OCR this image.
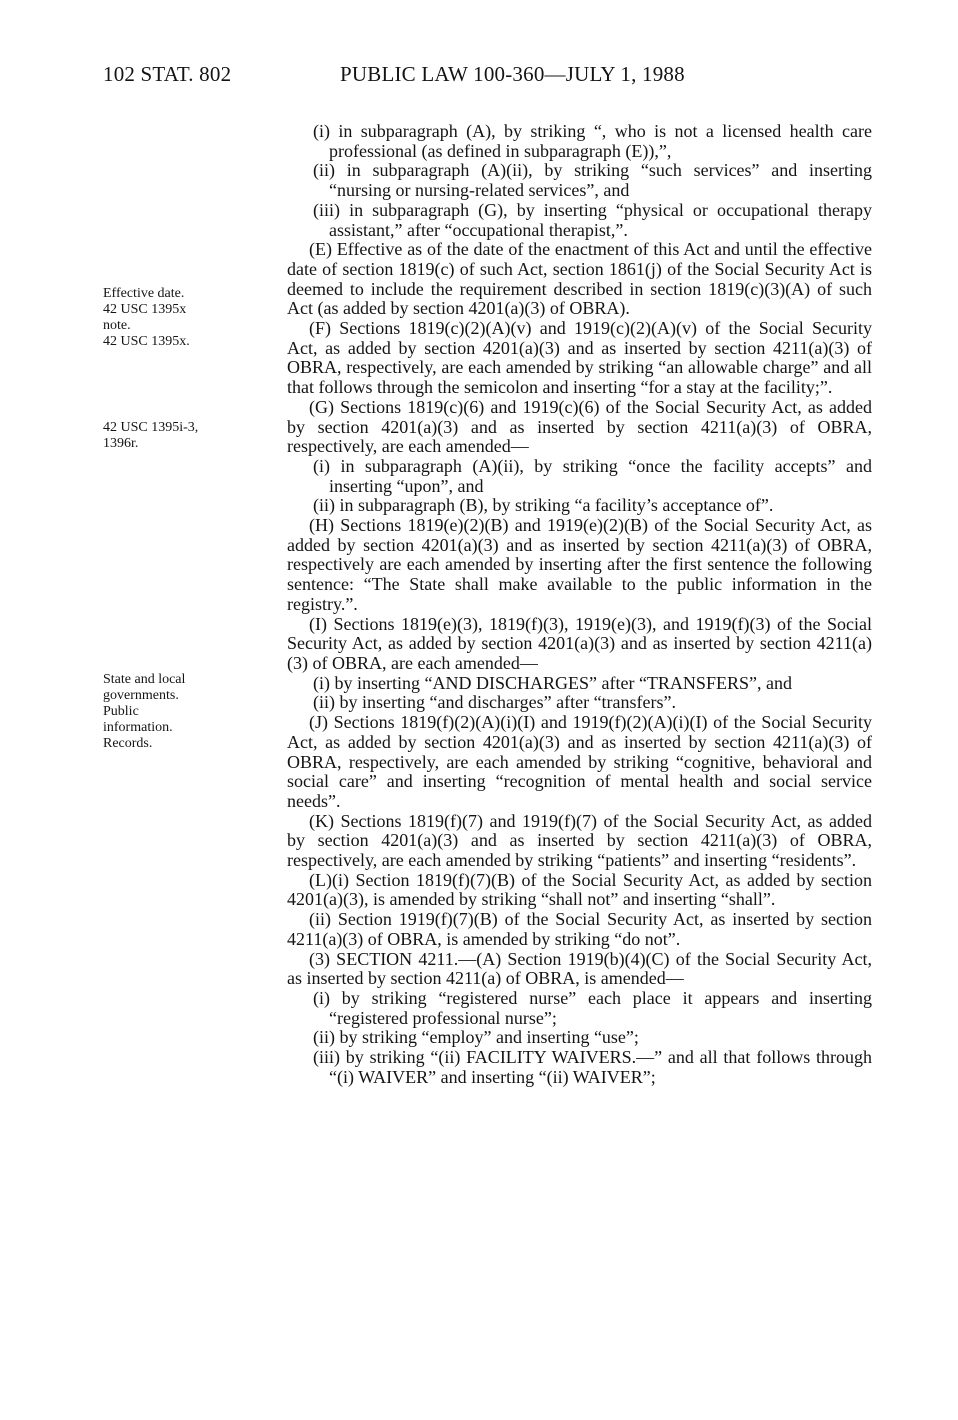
102 STAT. 802	PUBLIC LAW 100-360—JULY 1, 1988
Effective date.
42 USC 1395x
note.
42 USC 1395x.
42 USC 1395i-3,
1396r.
State and local
governments.
Public
information.
Records.

(i) in subparagraph (A), by striking “, who is not a licensed health care professional (as defined in subparagraph (E)),”,

(ii) in subparagraph (A)(ii), by striking “such services” and inserting “nursing or nursing-related services”, and

(iii) in subparagraph (G), by inserting “physical or occupational therapy assistant,” after “occupational therapist,”.

(E) Effective as of the date of the enactment of this Act and until the effective date of section 1819(c) of such Act, section 1861(j) of the Social Security Act is deemed to include the requirement described in section 1819(c)(3)(A) of such Act (as added by section 4201(a)(3) of OBRA).

(F) Sections 1819(c)(2)(A)(v) and 1919(c)(2)(A)(v) of the Social Security Act, as added by section 4201(a)(3) and as inserted by section 4211(a)(3) of OBRA, respectively, are each amended by striking “an allowable charge” and all that follows through the semicolon and inserting “for a stay at the facility;”.

(G) Sections 1819(c)(6) and 1919(c)(6) of the Social Security Act, as added by section 4201(a)(3) and as inserted by section 4211(a)(3) of OBRA, respectively, are each amended—

(i) in subparagraph (A)(ii), by striking “once the facility accepts” and inserting “upon”, and

(ii) in subparagraph (B), by striking “a facility’s acceptance of”.

(H) Sections 1819(e)(2)(B) and 1919(e)(2)(B) of the Social Security Act, as added by section 4201(a)(3) and as inserted by section 4211(a)(3) of OBRA, respectively are each amended by inserting after the first sentence the following sentence: “The State shall make available to the public information in the registry.”.

(I) Sections 1819(e)(3), 1819(f)(3), 1919(e)(3), and 1919(f)(3) of the Social Security Act, as added by section 4201(a)(3) and as inserted by section 4211(a)(3) of OBRA, are each amended—

(i) by inserting “AND DISCHARGES” after “TRANSFERS”, and

(ii) by inserting “and discharges” after “transfers”.

(J) Sections 1819(f)(2)(A)(i)(I) and 1919(f)(2)(A)(i)(I) of the Social Security Act, as added by section 4201(a)(3) and as inserted by section 4211(a)(3) of OBRA, respectively, are each amended by striking “cognitive, behavioral and social care” and inserting “recognition of mental health and social service needs”.

(K) Sections 1819(f)(7) and 1919(f)(7) of the Social Security Act, as added by section 4201(a)(3) and as inserted by section 4211(a)(3) of OBRA, respectively, are each amended by striking “patients” and inserting “residents”.

(L)(i) Section 1819(f)(7)(B) of the Social Security Act, as added by section 4201(a)(3), is amended by striking “shall not” and inserting “shall”.

(ii) Section 1919(f)(7)(B) of the Social Security Act, as inserted by section 4211(a)(3) of OBRA, is amended by striking “do not”.

(3) SECTION 4211.—(A) Section 1919(b)(4)(C) of the Social Security Act, as inserted by section 4211(a) of OBRA, is amended—

(i) by striking “registered nurse” each place it appears and inserting “registered professional nurse”;

(ii) by striking “employ” and inserting “use”;

(iii) by striking “(ii) FACILITY WAIVERS.—” and all that follows through “(i) WAIVER” and inserting “(ii) WAIVER”;
